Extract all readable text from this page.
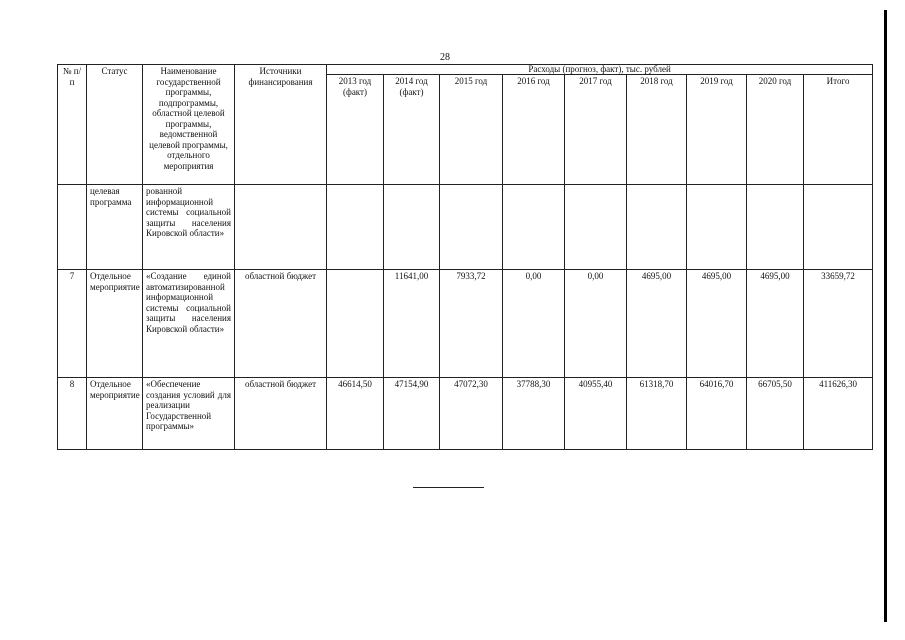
28
№ п/п	Статус	Наименование государственной программы, подпрограммы, областной целевой программы, ведомственной целевой программы, отдельного мероприятия	Источники финансирования	Расходы (прогноз, факт), тыс. рублей								
				2013 год (факт)	2014 год (факт)	2015 год	2016 год	2017 год	2018 год	2019 год	2020 год	Итого
	целевая программа	рованной информационной системы социальной защиты населения Кировской области»										
7	Отдельное мероприятие	«Создание единой автоматизированной информационной системы социальной защиты населения Кировской области»	областной бюджет		11641,00	7933,72	0,00	0,00	4695,00	4695,00	4695,00	33659,72
8	Отдельное мероприятие	«Обеспечение создания условий для реализации Государственной программы»	областной бюджет	46614,50	47154,90	47072,30	37788,30	40955,40	61318,70	64016,70	66705,50	411626,30
